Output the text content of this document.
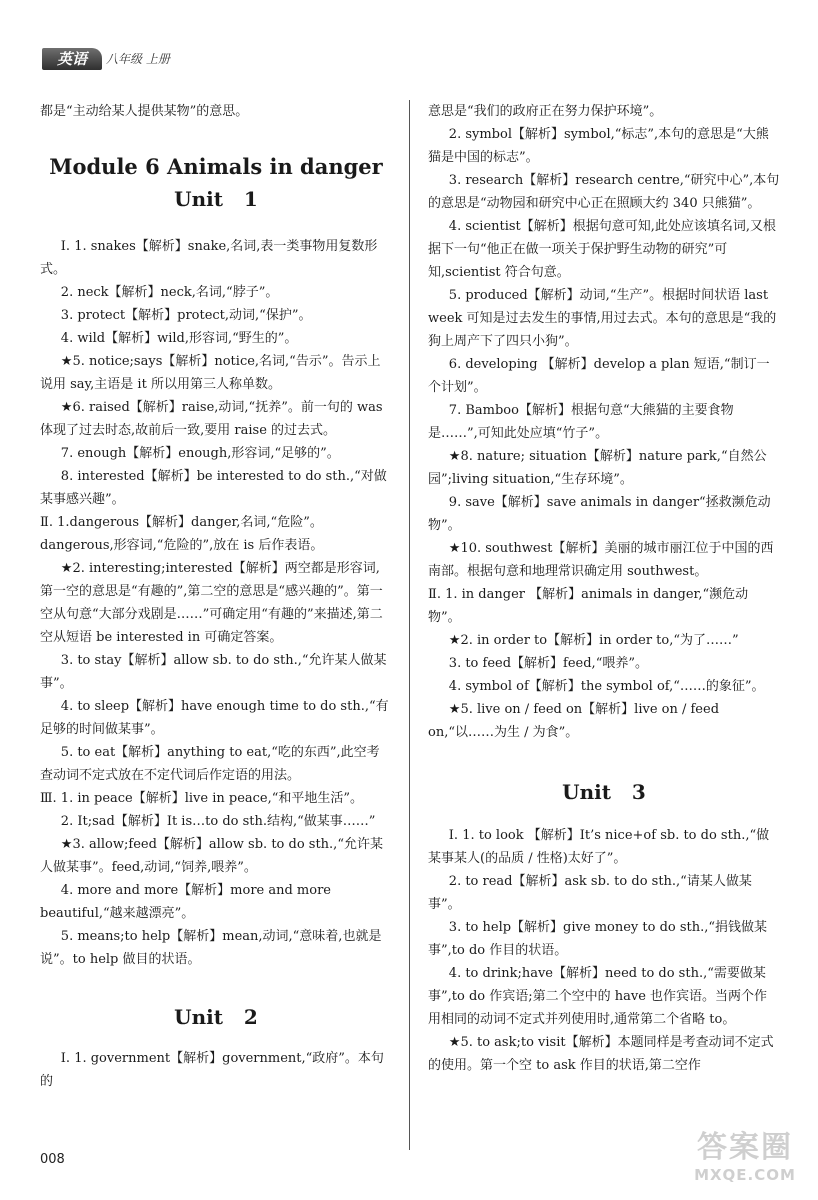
英语	八年级 上册

都是“主动给某人提供某物”的意思。

Module 6 Animals in danger
Unit 1

Ⅰ. 1. snakes【解析】snake,名词,表一类事物用复数形式。

2. neck【解析】neck,名词,“脖子”。

3. protect【解析】protect,动词,“保护”。

4. wild【解析】wild,形容词,“野生的”。

★5. notice;says【解析】notice,名词,“告示”。告示上说用 say,主语是 it 所以用第三人称单数。

★6. raised【解析】raise,动词,“抚养”。前一句的 was 体现了过去时态,故前后一致,要用 raise 的过去式。

7. enough【解析】enough,形容词,“足够的”。

8. interested【解析】be interested to do sth.,“对做某事感兴趣”。

Ⅱ. 1.dangerous【解析】danger,名词,“危险”。dangerous,形容词,“危险的”,放在 is 后作表语。

★2. interesting;interested【解析】两空都是形容词,第一空的意思是“有趣的”,第二空的意思是“感兴趣的”。第一空从句意“大部分戏剧是……”可确定用“有趣的”来描述,第二空从短语 be interested in 可确定答案。

3. to stay【解析】allow sb. to do sth.,“允许某人做某事”。

4. to sleep【解析】have enough time to do sth.,“有足够的时间做某事”。

5. to eat【解析】anything to eat,“吃的东西”,此空考查动词不定式放在不定代词后作定语的用法。

Ⅲ. 1. in peace【解析】live in peace,“和平地生活”。

2. It;sad【解析】It is…to do sth.结构,“做某事……”

★3. allow;feed【解析】allow sb. to do sth.,“允许某人做某事”。feed,动词,“饲养,喂养”。

4. more and more【解析】more and more beautiful,“越来越漂亮”。

5. means;to help【解析】mean,动词,“意味着,也就是说”。to help 做目的状语。

Unit 2

Ⅰ. 1. government【解析】government,“政府”。本句的

意思是“我们的政府正在努力保护环境”。

2. symbol【解析】symbol,“标志”,本句的意思是“大熊猫是中国的标志”。

3. research【解析】research centre,“研究中心”,本句的意思是“动物园和研究中心正在照顾大约 340 只熊猫”。

4. scientist【解析】根据句意可知,此处应该填名词,又根据下一句“他正在做一项关于保护野生动物的研究”可知,scientist 符合句意。

5. produced【解析】动词,“生产”。根据时间状语 last week 可知是过去发生的事情,用过去式。本句的意思是“我的狗上周产下了四只小狗”。

6. developing 【解析】develop a plan 短语,“制订一个计划”。

7. Bamboo【解析】根据句意“大熊猫的主要食物是……”,可知此处应填“竹子”。

★8. nature; situation【解析】nature park,“自然公园”;living situation,“生存环境”。

9. save【解析】save animals in danger“拯救濒危动物”。

★10. southwest【解析】美丽的城市丽江位于中国的西南部。根据句意和地理常识确定用 southwest。

Ⅱ. 1. in danger 【解析】animals in danger,“濒危动物”。

★2. in order to【解析】in order to,“为了……”

3. to feed【解析】feed,“喂养”。

4. symbol of【解析】the symbol of,“……的象征”。

★5. live on / feed on【解析】live on / feed on,“以……为生 / 为食”。

Unit 3

Ⅰ. 1. to look 【解析】It’s nice+of sb. to do sth.,“做某事某人(的品质 / 性格)太好了”。

2. to read【解析】ask sb. to do sth.,“请某人做某事”。

3. to help【解析】give money to do sth.,“捐钱做某事”,to do 作目的状语。

4. to drink;have【解析】need to do sth.,“需要做某事”,to do 作宾语;第二个空中的 have 也作宾语。当两个作用相同的动词不定式并列使用时,通常第二个省略 to。

★5. to ask;to visit【解析】本题同样是考查动词不定式的使用。第一个空 to ask 作目的状语,第二空作

008	答案圈
MXQE.COM
